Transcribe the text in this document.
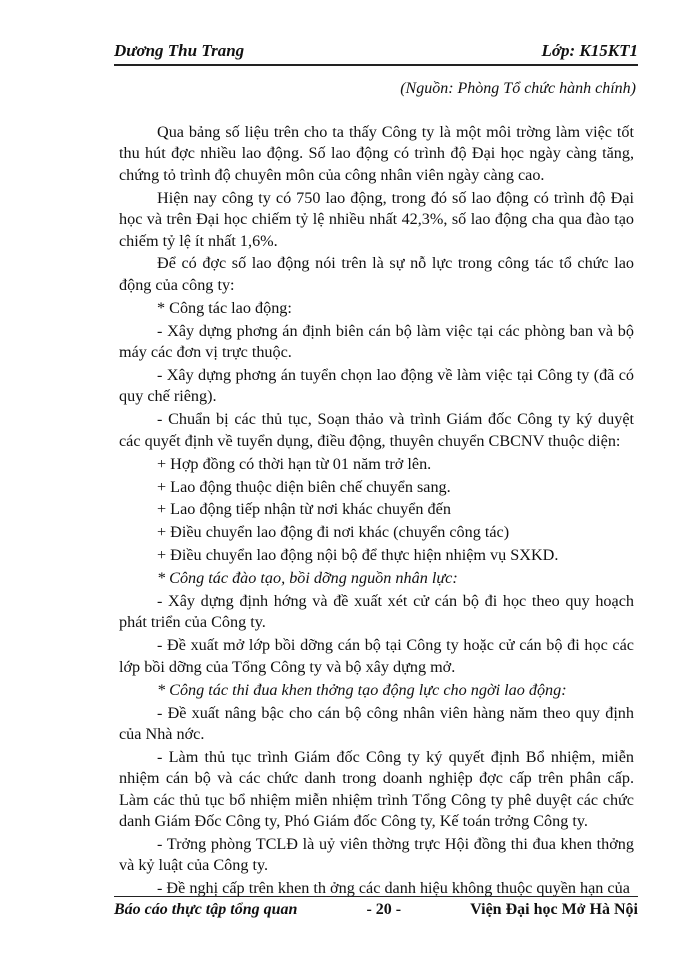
Dương Thu Trang	Lớp: K15KT1
(Nguồn: Phòng Tổ chức hành chính)

Qua bảng số liệu trên cho ta thấy Công ty là một môi trờng làm việc tốt thu hút đợc nhiều lao động. Số lao động có trình độ Đại học ngày càng tăng, chứng tỏ trình độ chuyên môn của công nhân viên ngày càng cao.

Hiện nay công ty có 750 lao động, trong đó số lao động có trình độ Đại học và trên Đại học chiếm tỷ lệ nhiều nhất 42,3%, số lao động cha qua đào tạo chiếm tỷ lệ ít nhất 1,6%.

Để có đợc số lao động nói trên là sự nỗ lực trong công tác tổ chức lao động của công ty:

* Công tác lao động:

- Xây dựng phơng án định biên cán bộ làm việc tại các phòng ban và bộ máy các đơn vị trực thuộc.

- Xây dựng phơng án tuyển chọn lao động về làm việc tại Công ty (đã có quy chế riêng).

- Chuẩn bị các thủ tục, Soạn thảo và trình Giám đốc Công ty ký duyệt các quyết định về tuyển dụng, điều động, thuyên chuyển CBCNV thuộc diện:

+ Hợp đồng có thời hạn từ 01 năm trở lên.

+ Lao động thuộc diện biên chế chuyển sang.

+ Lao động tiếp nhận từ nơi khác chuyển đến

+ Điều chuyển lao động đi nơi khác (chuyển công tác)

+ Điều chuyển lao động nội bộ để thực hiện nhiệm vụ SXKD.

* Công tác đào tạo, bồi dỡng nguồn nhân lực:

- Xây dựng định hớng và đề xuất xét cử cán bộ đi học theo quy hoạch phát triển của Công ty.

- Đề xuất mở lớp bồi dỡng cán bộ tại Công ty hoặc cử cán bộ đi học các lớp bồi dỡng của Tổng Công ty và bộ xây dựng mở.

* Công tác thi đua khen thởng tạo động lực cho ngời lao động:

- Đề xuất nâng bậc cho cán bộ công nhân viên hàng năm theo quy định của Nhà nớc.

- Làm thủ tục trình Giám đốc Công ty ký quyết định Bổ nhiệm, miễn nhiệm cán bộ và các chức danh trong doanh nghiệp đợc cấp trên phân cấp. Làm các thủ tục bổ nhiệm miễn nhiệm trình Tổng Công ty phê duyệt các chức danh Giám Đốc Công ty, Phó Giám đốc Công ty, Kế toán trởng Công ty.

- Trởng phòng TCLĐ là uỷ viên thờng trực Hội đồng thi đua khen thởng và kỷ luật của Công ty.

- Đề nghị cấp trên khen th ởng các danh hiệu không thuộc quyền hạn của

Báo cáo thực tập tổng quan	- 20 -	Viện Đại học Mở Hà Nội
